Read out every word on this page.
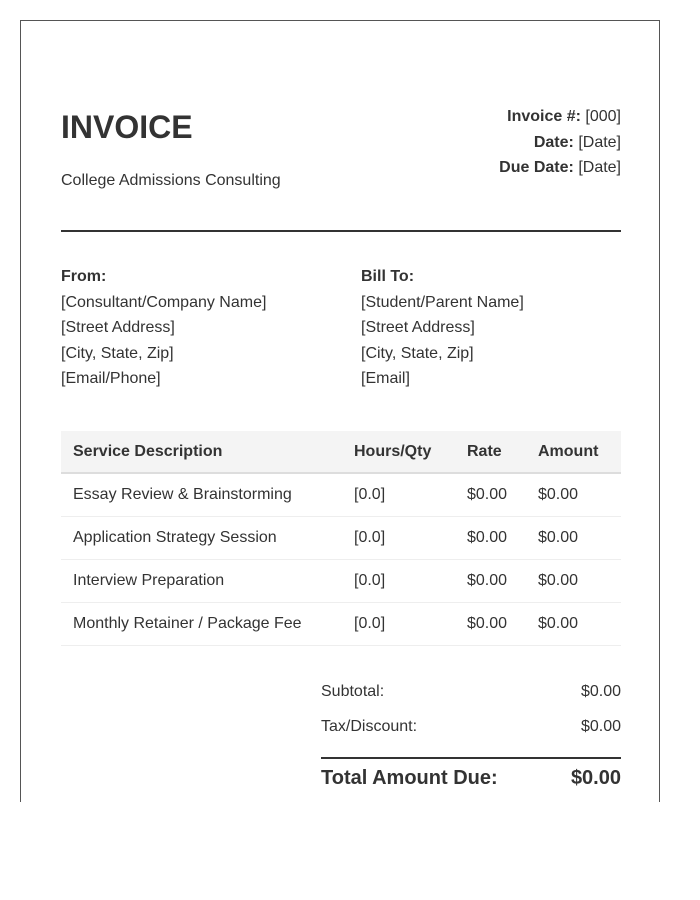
INVOICE
College Admissions Consulting
Invoice #: [000]
Date: [Date]
Due Date: [Date]
From:
[Consultant/Company Name]
[Street Address]
[City, State, Zip]
[Email/Phone]
Bill To:
[Student/Parent Name]
[Street Address]
[City, State, Zip]
[Email]
Service Description	Hours/Qty	Rate	Amount
Essay Review & Brainstorming	[0.0]	$0.00	$0.00
Application Strategy Session	[0.0]	$0.00	$0.00
Interview Preparation	[0.0]	$0.00	$0.00
Monthly Retainer / Package Fee	[0.0]	$0.00	$0.00
Subtotal:	$0.00
Tax/Discount:	$0.00
Total Amount Due:	$0.00
